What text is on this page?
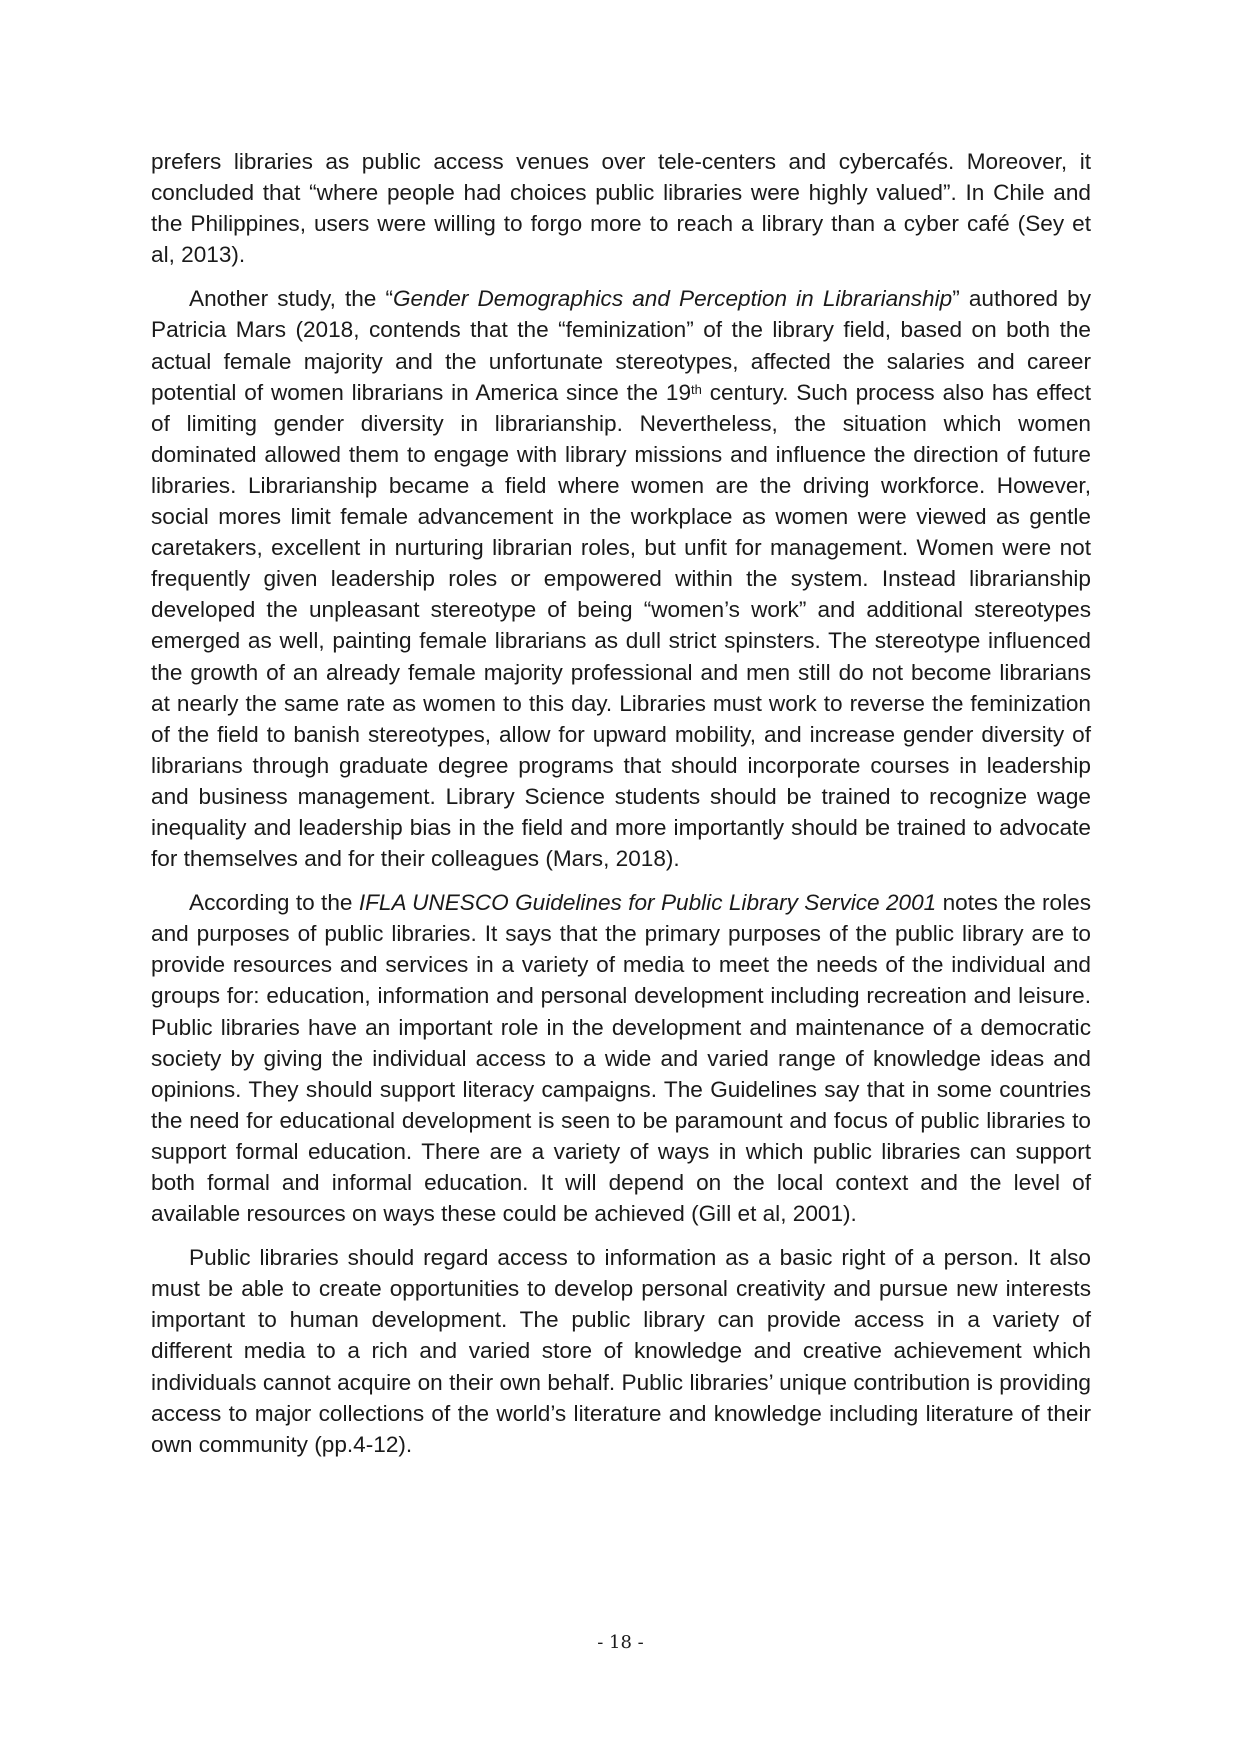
prefers libraries as public access venues over tele-centers and cybercafés. Moreover, it concluded that “where people had choices public libraries were highly valued”. In Chile and the Philippines, users were willing to forgo more to reach a library than a cyber café (Sey et al, 2013).

Another study, the “Gender Demographics and Perception in Librarianship” authored by Patricia Mars (2018, contends that the “feminization” of the library field, based on both the actual female majority and the unfortunate stereotypes, affected the salaries and career potential of women librarians in America since the 19th century. Such process also has effect of limiting gender diversity in librarianship. Nevertheless, the situation which women dominated allowed them to engage with library missions and influence the direction of future libraries. Librarianship became a field where women are the driving workforce. However, social mores limit female advancement in the workplace as women were viewed as gentle caretakers, excellent in nurturing librarian roles, but unfit for management. Women were not frequently given leadership roles or empowered within the system. Instead librarianship developed the unpleasant stereotype of being “women’s work” and additional stereotypes emerged as well, painting female librarians as dull strict spinsters. The stereotype influenced the growth of an already female majority professional and men still do not become librarians at nearly the same rate as women to this day. Libraries must work to reverse the feminization of the field to banish stereotypes, allow for upward mobility, and increase gender diversity of librarians through graduate degree programs that should incorporate courses in leadership and business management. Library Science students should be trained to recognize wage inequality and leadership bias in the field and more importantly should be trained to advocate for themselves and for their colleagues (Mars, 2018).

According to the IFLA UNESCO Guidelines for Public Library Service 2001 notes the roles and purposes of public libraries. It says that the primary purposes of the public library are to provide resources and services in a variety of media to meet the needs of the individual and groups for: education, information and personal development including recreation and leisure. Public libraries have an important role in the development and maintenance of a democratic society by giving the individual access to a wide and varied range of knowledge ideas and opinions. They should support literacy campaigns. The Guidelines say that in some countries the need for educational development is seen to be paramount and focus of public libraries to support formal education. There are a variety of ways in which public libraries can support both formal and informal education. It will depend on the local context and the level of available resources on ways these could be achieved (Gill et al, 2001).

Public libraries should regard access to information as a basic right of a person. It also must be able to create opportunities to develop personal creativity and pursue new interests important to human development. The public library can provide access in a variety of different media to a rich and varied store of knowledge and creative achievement which individuals cannot acquire on their own behalf. Public libraries’ unique contribution is providing access to major collections of the world’s literature and knowledge including literature of their own community (pp.4-12).

- 18 -
